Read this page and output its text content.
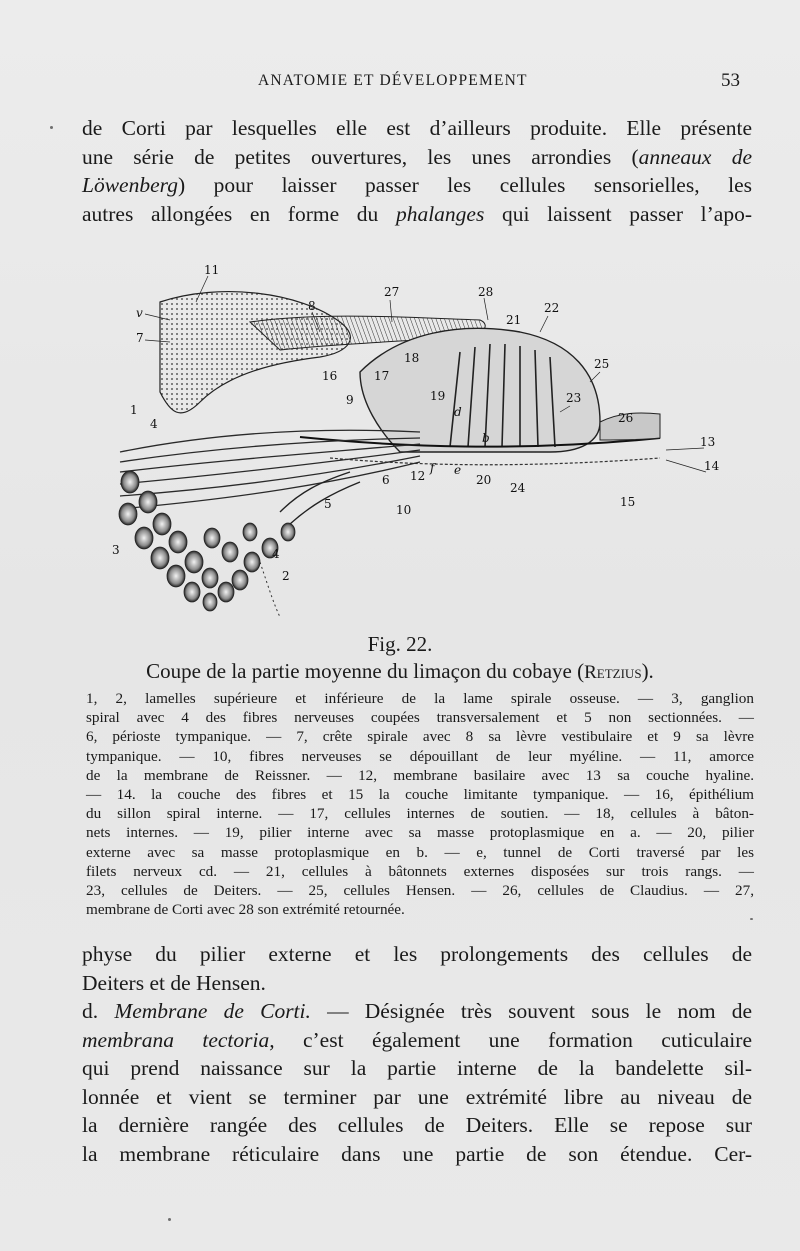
ANATOMIE ET DÉVELOPPEMENT	53
de Corti par lesquelles elle est d’ailleurs produite. Elle présente
une série de petites ouvertures, les unes arrondies (anneaux de
Löwenberg) pour laisser passer les cellules sensorielles, les
autres allongées en forme du phalanges qui laissent passer l’apo-
11
v
7
8
27	28
22
21
25
18
16	17
9	19	23
1
4
d	26
13
b
14
e
12
f
20
24
6
15
5	10
3	4
2
Fig. 22.
Coupe de la partie moyenne du limaçon du cobaye (Retzius).
1, 2, lamelles supérieure et inférieure de la lame spirale osseuse. — 3, ganglion
spiral avec 4 des fibres nerveuses coupées transversalement et 5 non sectionnées. —
6, périoste tympanique. — 7, crête spirale avec 8 sa lèvre vestibulaire et 9 sa lèvre
tympanique. — 10, fibres nerveuses se dépouillant de leur myéline. — 11, amorce
de la membrane de Reissner. — 12, membrane basilaire avec 13 sa couche hyaline.
— 14. la couche des fibres et 15 la couche limitante tympanique. — 16, épithélium
du sillon spiral interne. — 17, cellules internes de soutien. — 18, cellules à bâton-
nets internes. — 19, pilier interne avec sa masse protoplasmique en a. — 20, pilier
externe avec sa masse protoplasmique en b. — e, tunnel de Corti traversé par les
filets nerveux cd. — 21, cellules à bâtonnets externes disposées sur trois rangs. —
23, cellules de Deiters. — 25, cellules Hensen. — 26, cellules de Claudius. — 27,
membrane de Corti avec 28 son extrémité retournée.
physe du pilier externe et les prolongements des cellules de
Deiters et de Hensen.
d. Membrane de Corti. — Désignée très souvent sous le nom de
membrana tectoria, c’est également une formation cuticulaire
qui prend naissance sur la partie interne de la bandelette sil-
lonnée et vient se terminer par une extrémité libre au niveau de
la dernière rangée des cellules de Deiters. Elle se repose sur
la membrane réticulaire dans une partie de son étendue. Cer-
